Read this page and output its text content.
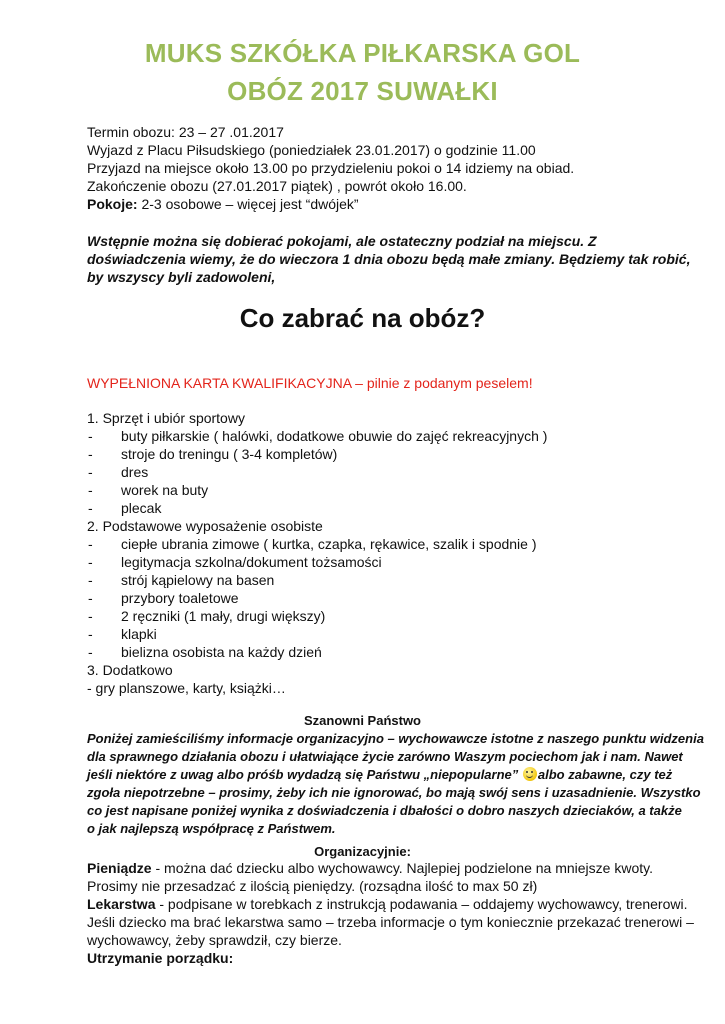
MUKS SZKÓŁKA PIŁKARSKA GOL
OBÓZ 2017 SUWAŁKI
Termin obozu: 23 – 27 .01.2017
Wyjazd z Placu Piłsudskiego (poniedziałek 23.01.2017) o godzinie 11.00
Przyjazd na miejsce około 13.00 po przydzieleniu pokoi o 14 idziemy na obiad.
Zakończenie obozu (27.01.2017 piątek) , powrót około 16.00.
Pokoje: 2-3 osobowe – więcej jest “dwójek”
Wstępnie można się dobierać pokojami, ale ostateczny podział na miejscu. Z
doświadczenia wiemy, że do wieczora 1 dnia obozu będą małe zmiany. Będziemy tak robić,
by wszyscy byli zadowoleni,
Co zabrać na obóz?
WYPEŁNIONA KARTA KWALIFIKACYJNA – pilnie z podanym peselem!
1. Sprzęt i ubiór sportowy
- buty piłkarskie ( halówki, dodatkowe obuwie do zajęć rekreacyjnych )
- stroje do treningu ( 3-4 kompletów)
- dres
- worek na buty
- plecak
2. Podstawowe wyposażenie osobiste
- ciepłe ubrania zimowe ( kurtka, czapka, rękawice, szalik i spodnie )
- legitymacja szkolna/dokument tożsamości
- strój kąpielowy na basen
- przybory toaletowe
- 2 ręczniki (1 mały, drugi większy)
- klapki
- bielizna osobista na każdy dzień
3. Dodatkowo
- gry planszowe, karty, książki…
Szanowni Państwo
Poniżej zamieściliśmy informacje organizacyjno – wychowawcze istotne z naszego punktu widzenia
dla sprawnego działania obozu i ułatwiające życie zarówno Waszym pociechom jak i nam. Nawet
jeśli niektóre z uwag albo próśb wydadzą się Państwu „niepopularne” albo zabawne, czy też
zgoła niepotrzebne – prosimy, żeby ich nie ignorować, bo mają swój sens i uzasadnienie. Wszystko
co jest napisane poniżej wynika z doświadczenia i dbałości o dobro naszych dzieciaków, a także
o jak najlepszą współpracę z Państwem.
Organizacyjnie:
Pieniądze - można dać dziecku albo wychowawcy. Najlepiej podzielone na mniejsze kwoty.
Prosimy nie przesadzać z ilością pieniędzy. (rozsądna ilość to max 50 zł)
Lekarstwa - podpisane w torebkach z instrukcją podawania – oddajemy wychowawcy, trenerowi.
Jeśli dziecko ma brać lekarstwa samo – trzeba informacje o tym koniecznie przekazać trenerowi –
wychowawcy, żeby sprawdził, czy bierze.
Utrzymanie porządku:
